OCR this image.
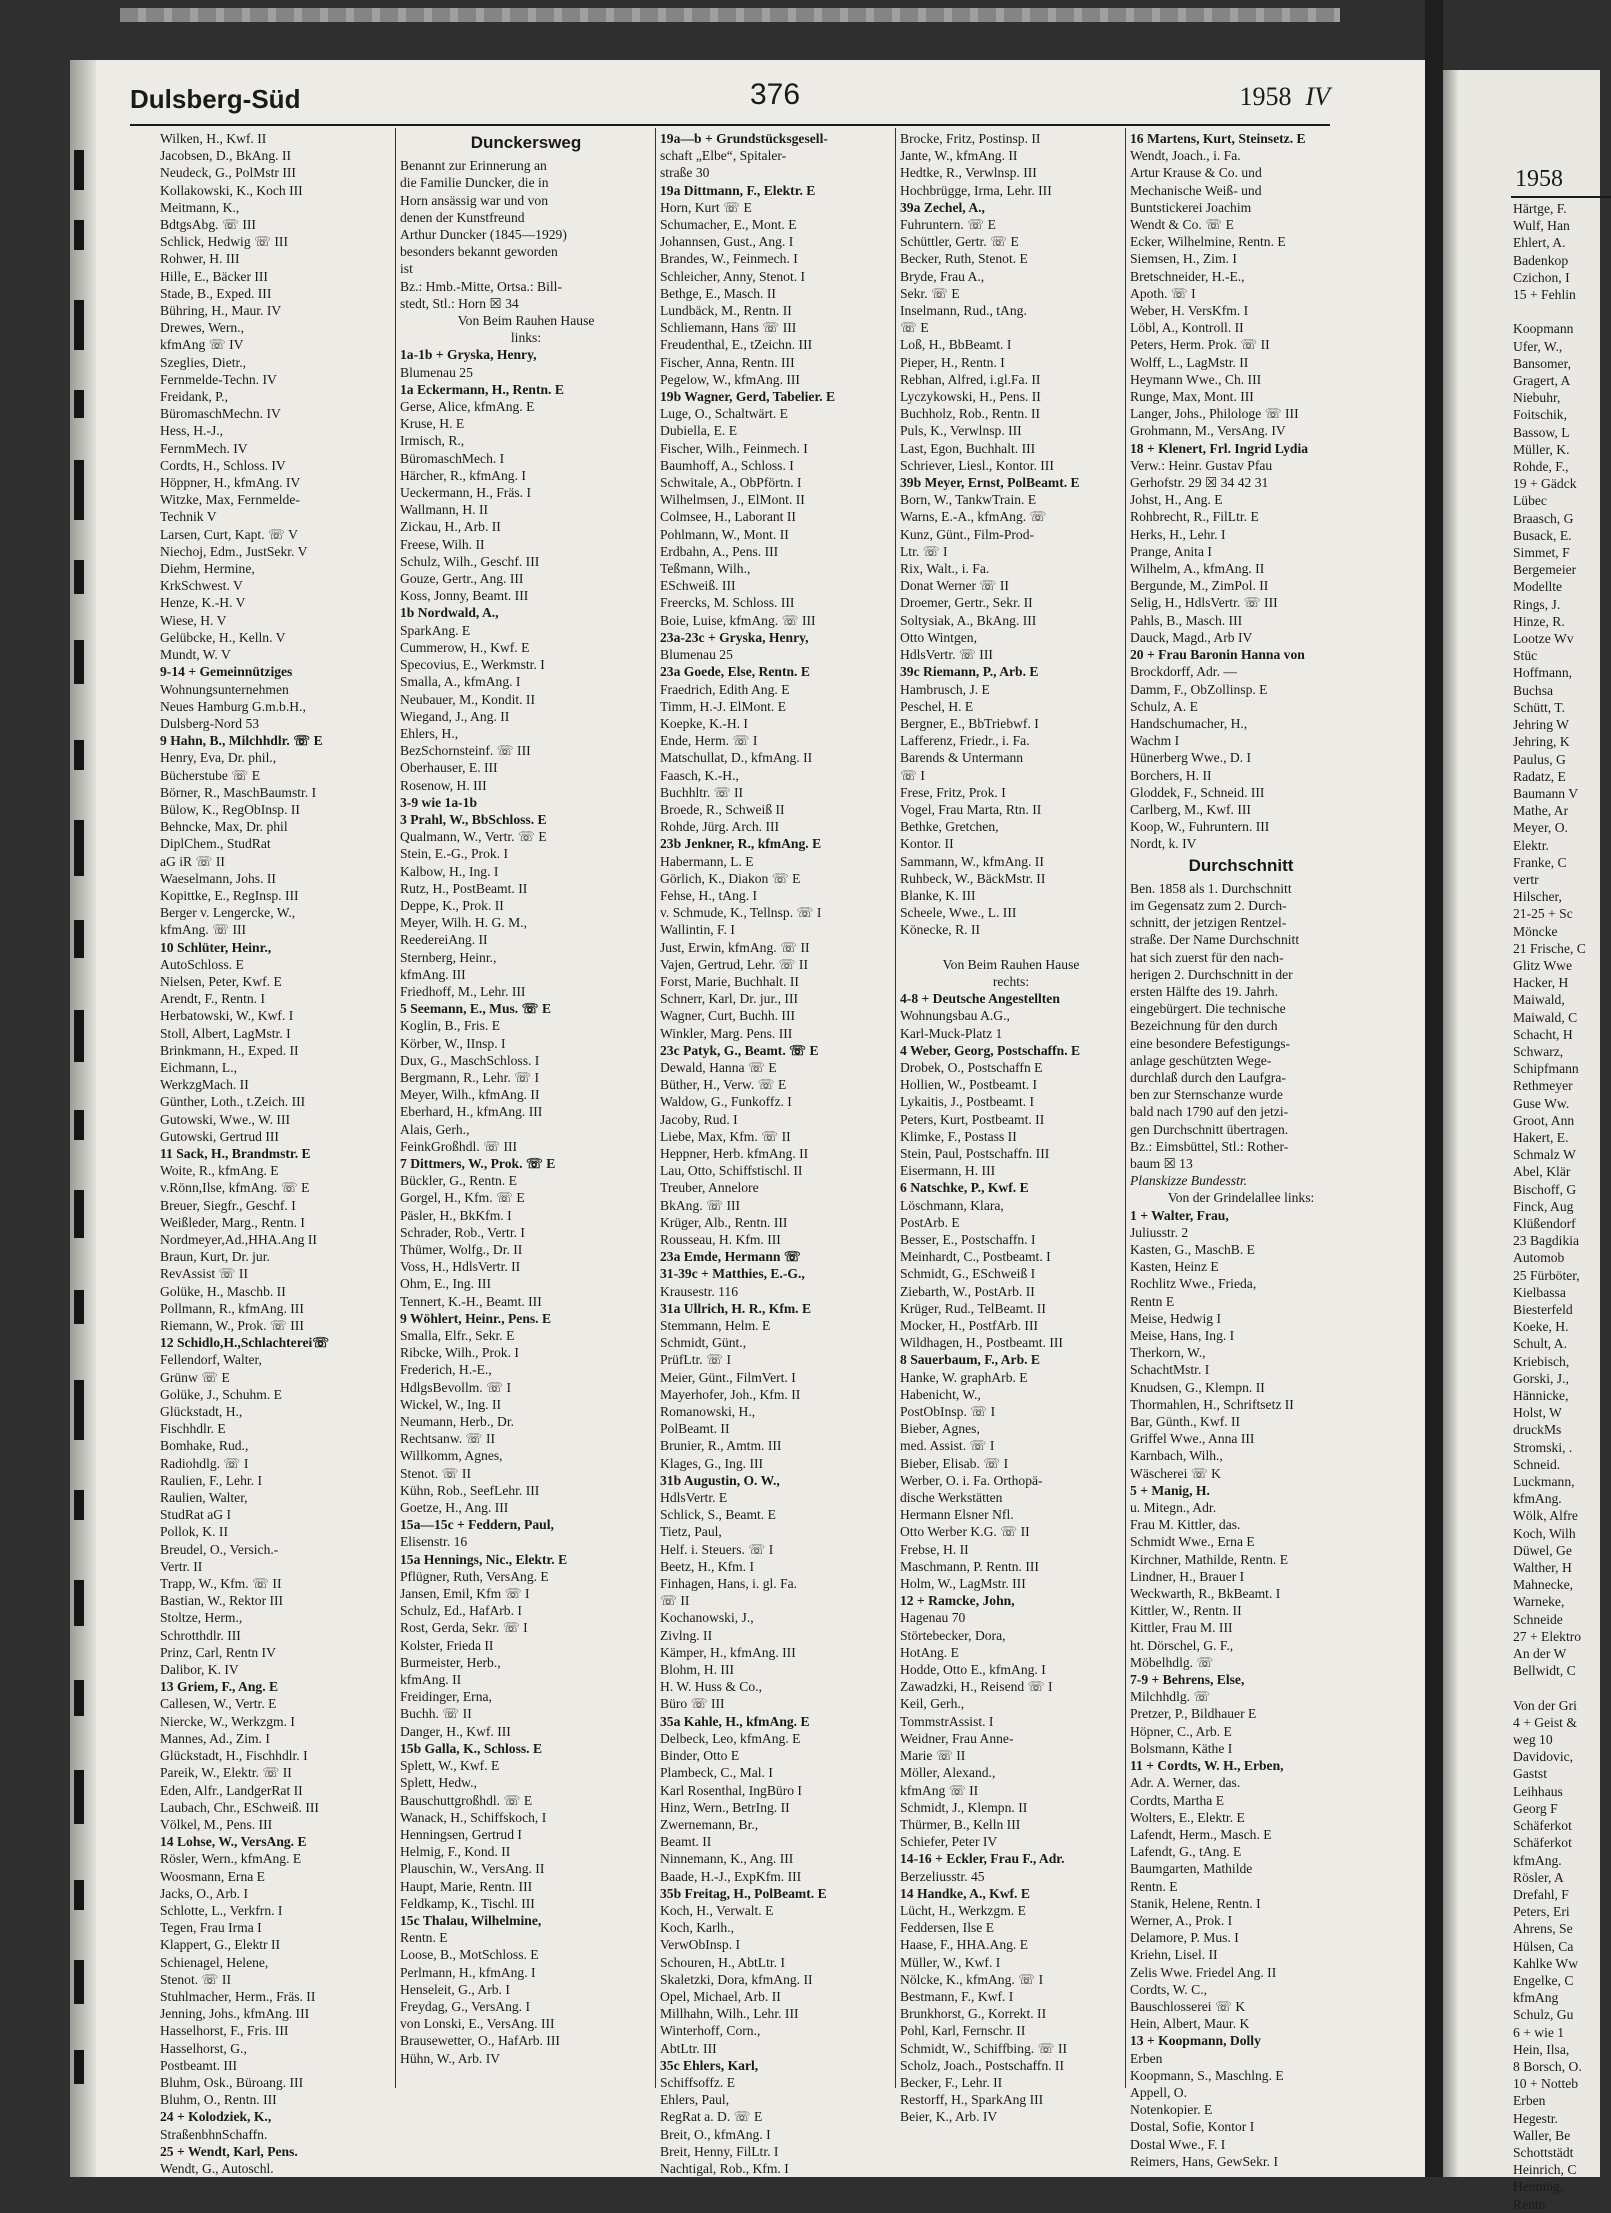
Dulsberg-Süd	376	1958 IV
Wilken, H., Kwf. II
Jacobsen, D., BkAng. II
Neudeck, G., PolMstr III
Kollakowski, K., Koch III
Meitmann, K.,
BdtgsAbg. ☏ III
Schlick, Hedwig ☏ III
Rohwer, H. III
Hille, E., Bäcker III
Stade, B., Exped. III
Bühring, H., Maur. IV
Drewes, Wern.,
kfmAng ☏ IV
Szeglies, Dietr.,
Fernmelde-Techn. IV
Freidank, P.,
BüromaschMechn. IV
Hess, H.-J.,
FernmMech. IV
Cordts, H., Schloss. IV
Höppner, H., kfmAng. IV
Witzke, Max, Fernmelde-
Technik V
Larsen, Curt, Kapt. ☏ V
Niechoj, Edm., JustSekr. V
Diehm, Hermine,
KrkSchwest. V
Henze, K.-H. V
Wiese, H. V
Gelübcke, H., Kelln. V
Mundt, W. V
9-14 + Gemeinnütziges
Wohnungsunternehmen
Neues Hamburg G.m.b.H.,
Dulsberg-Nord 53
9 Hahn, B., Milchhdlr. ☏ E
Henry, Eva, Dr. phil.,
Bücherstube ☏ E
Börner, R., MaschBaumstr. I
Bülow, K., RegObInsp. II
Behncke, Max, Dr. phil
DiplChem., StudRat
aG iR ☏ II
Waeselmann, Johs. II
Kopittke, E., RegInsp. III
Berger v. Lengercke, W.,
kfmAng. ☏ III
10 Schlüter, Heinr.,
AutoSchloss. E
Nielsen, Peter, Kwf. E
Arendt, F., Rentn. I
Herbatowski, W., Kwf. I
Stoll, Albert, LagMstr. I
Brinkmann, H., Exped. II
Eichmann, L.,
WerkzgMach. II
Günther, Loth., t.Zeich. III
Gutowski, Wwe., W. III
Gutowski, Gertrud III
11 Sack, H., Brandmstr. E
Woite, R., kfmAng. E
v.Rönn,Ilse, kfmAng. ☏ E
Breuer, Siegfr., Geschf. I
Weißleder, Marg., Rentn. I
Nordmeyer,Ad.,HHA.Ang II
Braun, Kurt, Dr. jur.
RevAssist ☏ II
Golüke, H., Maschb. II
Pollmann, R., kfmAng. III
Riemann, W., Prok. ☏ III
12 Schidlo,H.,Schlachterei☏
Fellendorf, Walter,
Grünw ☏ E
Golüke, J., Schuhm. E
Glückstadt, H.,
Fischhdlr. E
Bomhake, Rud.,
Radiohdlg. ☏ I
Raulien, F., Lehr. I
Raulien, Walter,
StudRat aG I
Pollok, K. II
Breudel, O., Versich.-
Vertr. II
Trapp, W., Kfm. ☏ II
Bastian, W., Rektor III
Stoltze, Herm.,
Schrotthdlr. III
Prinz, Carl, Rentn IV
Dalibor, K. IV
13 Griem, F., Ang. E
Callesen, W., Vertr. E
Niercke, W., Werkzgm. I
Mannes, Ad., Zim. I
Glückstadt, H., Fischhdlr. I
Pareik, W., Elektr. ☏ II
Eden, Alfr., LandgerRat II
Laubach, Chr., ESchweiß. III
Völkel, M., Pens. III
14 Lohse, W., VersAng. E
Rösler, Wern., kfmAng. E
Woosmann, Erna E
Jacks, O., Arb. I
Schlotte, L., Verkfrn. I
Tegen, Frau Irma I
Klappert, G., Elektr II
Schienagel, Helene,
Stenot. ☏ II
Stuhlmacher, Herm., Fräs. II
Jenning, Johs., kfmAng. III
Hasselhorst, F., Fris. III
Hasselhorst, G.,
Postbeamt. III
Bluhm, Osk., Büroang. III
Bluhm, O., Rentn. III
24 + Kolodziek, K.,
StraßenbhnSchaffn.
25 + Wendt, Karl, Pens.
Wendt, G., Autoschl.
Dunckersweg
Benannt zur Erinnerung an
die Familie Duncker, die in
Horn ansässig war und von
denen der Kunstfreund
Arthur Duncker (1845—1929)
besonders bekannt geworden
ist
Bz.: Hmb.-Mitte, Ortsa.: Bill-
stedt, Stl.: Horn ☒ 34
Von Beim Rauhen Hause
links:
1a-1b + Gryska, Henry,
Blumenau 25
1a Eckermann, H., Rentn. E
Gerse, Alice, kfmAng. E
Kruse, H. E
Irmisch, R.,
BüromaschMech. I
Härcher, R., kfmAng. I
Ueckermann, H., Fräs. I
Wallmann, H. II
Zickau, H., Arb. II
Freese, Wilh. II
Schulz, Wilh., Geschf. III
Gouze, Gertr., Ang. III
Koss, Jonny, Beamt. III
1b Nordwald, A.,
SparkAng. E
Cummerow, H., Kwf. E
Specovius, E., Werkmstr. I
Smalla, A., kfmAng. I
Neubauer, M., Kondit. II
Wiegand, J., Ang. II
Ehlers, H.,
BezSchornsteinf. ☏ III
Oberhauser, E. III
Rosenow, H. III
3-9 wie 1a-1b
3 Prahl, W., BbSchloss. E
Qualmann, W., Vertr. ☏ E
Stein, E.-G., Prok. I
Kalbow, H., Ing. I
Rutz, H., PostBeamt. II
Deppe, K., Prok. II
Meyer, Wilh. H. G. M.,
ReedereiAng. II
Sternberg, Heinr.,
kfmAng. III
Friedhoff, M., Lehr. III
5 Seemann, E., Mus. ☏ E
Koglin, B., Fris. E
Körber, W., IInsp. I
Dux, G., MaschSchloss. I
Bergmann, R., Lehr. ☏ I
Meyer, Wilh., kfmAng. II
Eberhard, H., kfmAng. III
Alais, Gerh.,
FeinkGroßhdl. ☏ III
7 Dittmers, W., Prok. ☏ E
Bückler, G., Rentn. E
Gorgel, H., Kfm. ☏ E
Päsler, H., BkKfm. I
Schrader, Rob., Vertr. I
Thümer, Wolfg., Dr. II
Voss, H., HdlsVertr. II
Ohm, E., Ing. III
Tennert, K.-H., Beamt. III
9 Wöhlert, Heinr., Pens. E
Smalla, Elfr., Sekr. E
Ribcke, Wilh., Prok. I
Frederich, H.-E.,
HdlgsBevollm. ☏ I
Wickel, W., Ing. II
Neumann, Herb., Dr.
Rechtsanw. ☏ II
Willkomm, Agnes,
Stenot. ☏ II
Kühn, Rob., SeefLehr. III
Goetze, H., Ang. III
15a—15c + Feddern, Paul,
Elisenstr. 16
15a Hennings, Nic., Elektr. E
Pflügner, Ruth, VersAng. E
Jansen, Emil, Kfm ☏ I
Schulz, Ed., HafArb. I
Rost, Gerda, Sekr. ☏ I
Kolster, Frieda II
Burmeister, Herb.,
kfmAng. II
Freidinger, Erna,
Buchh. ☏ II
Danger, H., Kwf. III
15b Galla, K., Schloss. E
Splett, W., Kwf. E
Splett, Hedw.,
Bauschuttgroßhdl. ☏ E
Wanack, H., Schiffskoch, I
Henningsen, Gertrud I
Helmig, F., Kond. II
Plauschin, W., VersAng. II
Haupt, Marie, Rentn. III
Feldkamp, K., Tischl. III
15c Thalau, Wilhelmine,
Rentn. E
Loose, B., MotSchloss. E
Perlmann, H., kfmAng. I
Henseleit, G., Arb. I
Freydag, G., VersAng. I
von Lonski, E., VersAng. III
Brausewetter, O., HafArb. III
Hühn, W., Arb. IV
19a—b + Grundstücksgesell-
schaft „Elbe“, Spitaler-
straße 30
19a Dittmann, F., Elektr. E
Horn, Kurt ☏ E
Schumacher, E., Mont. E
Johannsen, Gust., Ang. I
Brandes, W., Feinmech. I
Schleicher, Anny, Stenot. I
Bethge, E., Masch. II
Lundbäck, M., Rentn. II
Schliemann, Hans ☏ III
Freudenthal, E., tZeichn. III
Fischer, Anna, Rentn. III
Pegelow, W., kfmAng. III
19b Wagner, Gerd, Tabelier. E
Luge, O., Schaltwärt. E
Dubiella, E. E
Fischer, Wilh., Feinmech. I
Baumhoff, A., Schloss. I
Schwitale, A., ObPförtn. I
Wilhelmsen, J., ElMont. II
Colmsee, H., Laborant II
Pohlmann, W., Mont. II
Erdbahn, A., Pens. III
Teßmann, Wilh.,
ESchweiß. III
Freercks, M. Schloss. III
Boie, Luise, kfmAng. ☏ III
23a-23c + Gryska, Henry,
Blumenau 25
23a Goede, Else, Rentn. E
Fraedrich, Edith Ang. E
Timm, H.-J. ElMont. E
Koepke, K.-H. I
Ende, Herm. ☏ I
Matschullat, D., kfmAng. II
Faasch, K.-H.,
Buchhltr. ☏ II
Broede, R., Schweiß II
Rohde, Jürg. Arch. III
23b Jenkner, R., kfmAng. E
Habermann, L. E
Görlich, K., Diakon ☏ E
Fehse, H., tAng. I
v. Schmude, K., Tellnsp. ☏ I
Wallintin, F. I
Just, Erwin, kfmAng. ☏ II
Vajen, Gertrud, Lehr. ☏ II
Forst, Marie, Buchhalt. II
Schnerr, Karl, Dr. jur., III
Wagner, Curt, Buchh. III
Winkler, Marg. Pens. III
23c Patyk, G., Beamt. ☏ E
Dewald, Hanna ☏ E
Büther, H., Verw. ☏ E
Waldow, G., Funkoffz. I
Jacoby, Rud. I
Liebe, Max, Kfm. ☏ II
Heppner, Herb. kfmAng. II
Lau, Otto, Schiffstischl. II
Treuber, Annelore
BkAng. ☏ III
Krüger, Alb., Rentn. III
Rousseau, H. Kfm. III
23a Emde, Hermann ☏
31-39c + Matthies, E.-G.,
Krausestr. 116
31a Ullrich, H. R., Kfm. E
Stemmann, Helm. E
Schmidt, Günt.,
PrüfLtr. ☏ I
Meier, Günt., FilmVert. I
Mayerhofer, Joh., Kfm. II
Romanowski, H.,
PolBeamt. II
Brunier, R., Amtm. III
Klages, G., Ing. III
31b Augustin, O. W.,
HdlsVertr. E
Schlick, S., Beamt. E
Tietz, Paul,
Helf. i. Steuers. ☏ I
Beetz, H., Kfm. I
Finhagen, Hans, i. gl. Fa.
☏ II
Kochanowski, J.,
Zivlng. II
Kämper, H., kfmAng. III
Blohm, H. III
H. W. Huss & Co.,
Büro ☏ III
35a Kahle, H., kfmAng. E
Delbeck, Leo, kfmAng. E
Binder, Otto E
Plambeck, C., Mal. I
Karl Rosenthal, IngBüro I
Hinz, Wern., BetrIng. II
Zwernemann, Br.,
Beamt. II
Ninnemann, K., Ang. III
Baade, H.-J., ExpKfm. III
35b Freitag, H., PolBeamt. E
Koch, H., Verwalt. E
Koch, Karlh.,
VerwObInsp. I
Schouren, H., AbtLtr. I
Skaletzki, Dora, kfmAng. II
Opel, Michael, Arb. II
Millhahn, Wilh., Lehr. III
Winterhoff, Corn.,
AbtLtr. III
35c Ehlers, Karl,
Schiffsoffz. E
Ehlers, Paul,
RegRat a. D. ☏ E
Breit, O., kfmAng. I
Breit, Henny, FilLtr. I
Nachtigal, Rob., Kfm. I
Brocke, Fritz, Postinsp. II
Jante, W., kfmAng. II
Hedtke, R., Verwlnsp. III
Hochbrügge, Irma, Lehr. III
39a Zechel, A.,
Fuhruntern. ☏ E
Schüttler, Gertr. ☏ E
Becker, Ruth, Stenot. E
Bryde, Frau A.,
Sekr. ☏ E
Inselmann, Rud., tAng.
☏ E
Loß, H., BbBeamt. I
Pieper, H., Rentn. I
Rebhan, Alfred, i.gl.Fa. II
Lyczykowski, H., Pens. II
Buchholz, Rob., Rentn. II
Puls, K., Verwlnsp. III
Last, Egon, Buchhalt. III
Schriever, Liesl., Kontor. III
39b Meyer, Ernst, PolBeamt. E
Born, W., TankwTrain. E
Warns, E.-A., kfmAng. ☏
Kunz, Günt., Film-Prod-
Ltr. ☏ I
Rix, Walt., i. Fa.
Donat Werner ☏ II
Droemer, Gertr., Sekr. II
Soltysiak, A., BkAng. III
Otto Wintgen,
HdlsVertr. ☏ III
39c Riemann, P., Arb. E
Hambrusch, J. E
Peschel, H. E
Bergner, E., BbTriebwf. I
Lafferenz, Friedr., i. Fa.
Barends & Untermann
☏ I
Frese, Fritz, Prok. I
Vogel, Frau Marta, Rtn. II
Bethke, Gretchen,
Kontor. II
Sammann, W., kfmAng. II
Ruhbeck, W., BäckMstr. II
Blanke, K. III
Scheele, Wwe., L. III
Könecke, R. II

Von Beim Rauhen Hause
rechts:
4-8 + Deutsche Angestellten
Wohnungsbau A.G.,
Karl-Muck-Platz 1
4 Weber, Georg, Postschaffn. E
Drobek, O., Postschaffn E
Hollien, W., Postbeamt. I
Lykaitis, J., Postbeamt. I
Peters, Kurt, Postbeamt. II
Klimke, F., Postass II
Stein, Paul, Postschaffn. III
Eisermann, H. III
6 Natschke, P., Kwf. E
Löschmann, Klara,
PostArb. E
Besser, E., Postschaffn. I
Meinhardt, C., Postbeamt. I
Schmidt, G., ESchweiß I
Ziebarth, W., PostArb. II
Krüger, Rud., TelBeamt. II
Mocker, H., PostfArb. III
Wildhagen, H., Postbeamt. III
8 Sauerbaum, F., Arb. E
Hanke, W. graphArb. E
Habenicht, W.,
PostObInsp. ☏ I
Bieber, Agnes,
med. Assist. ☏ I
Bieber, Elisab. ☏ I
Werber, O. i. Fa. Orthopä-
dische Werkstätten
Hermann Elsner Nfl.
Otto Werber K.G. ☏ II
Frebse, H. II
Maschmann, P. Rentn. III
Holm, W., LagMstr. III
12 + Ramcke, John,
Hagenau 70
Störtebecker, Dora,
HotAng. E
Hodde, Otto E., kfmAng. I
Zawadzki, H., Reisend ☏ I
Keil, Gerh.,
TommstrAssist. I
Weidner, Frau Anne-
Marie ☏ II
Möller, Alexand.,
kfmAng ☏ II
Schmidt, J., Klempn. II
Thürmer, B., Kelln III
Schiefer, Peter IV
14-16 + Eckler, Frau F., Adr.
Berzeliusstr. 45
14 Handke, A., Kwf. E
Lücht, H., Werkzgm. E
Feddersen, Ilse E
Haase, F., HHA.Ang. E
Müller, W., Kwf. I
Nölcke, K., kfmAng. ☏ I
Bestmann, F., Kwf. I
Brunkhorst, G., Korrekt. II
Pohl, Karl, Fernschr. II
Schmidt, W., Schiffbing. ☏ II
Scholz, Joach., Postschaffn. II
Becker, F., Lehr. II
Restorff, H., SparkAng III
Beier, K., Arb. IV
16 Martens, Kurt, Steinsetz. E
Wendt, Joach., i. Fa.
Artur Krause & Co. und
Mechanische Weiß- und
Buntstickerei Joachim
Wendt & Co. ☏ E
Ecker, Wilhelmine, Rentn. E
Siemsen, H., Zim. I
Bretschneider, H.-E.,
Apoth. ☏ I
Weber, H. VersKfm. I
Löbl, A., Kontroll. II
Peters, Herm. Prok. ☏ II
Wolff, L., LagMstr. II
Heymann Wwe., Ch. III
Runge, Max, Mont. III
Langer, Johs., Philologe ☏ III
Grohmann, M., VersAng. IV
18 + Klenert, Frl. Ingrid Lydia
Verw.: Heinr. Gustav Pfau
Gerhofstr. 29 ☒ 34 42 31
Johst, H., Ang. E
Rohbrecht, R., FilLtr. E
Herks, H., Lehr. I
Prange, Anita I
Wilhelm, A., kfmAng. II
Bergunde, M., ZimPol. II
Selig, H., HdlsVertr. ☏ III
Pahls, B., Masch. III
Dauck, Magd., Arb IV
20 + Frau Baronin Hanna von
Brockdorff, Adr. —
Damm, F., ObZollinsp. E
Schulz, A. E
Handschumacher, H.,
Wachm I
Hünerberg Wwe., D. I
Borchers, H. II
Gloddek, F., Schneid. III
Carlberg, M., Kwf. III
Koop, W., Fuhruntern. III
Nordt, k. IV
Durchschnitt
Ben. 1858 als 1. Durchschnitt
im Gegensatz zum 2. Durch-
schnitt, der jetzigen Rentzel-
straße. Der Name Durchschnitt
hat sich zuerst für den nach-
herigen 2. Durchschnitt in der
ersten Hälfte des 19. Jahrh.
eingebürgert. Die technische
Bezeichnung für den durch
eine besondere Befestigungs-
anlage geschützten Wege-
durchlaß durch den Laufgra-
ben zur Sternschanze wurde
bald nach 1790 auf den jetzi-
gen Durchschnitt übertragen.
Bz.: Eimsbüttel, Stl.: Rother-
baum ☒ 13
Planskizze Bundesstr.
Von der Grindelallee links:
1 + Walter, Frau,
Juliusstr. 2
Kasten, G., MaschB. E
Kasten, Heinz E
Rochlitz Wwe., Frieda,
Rentn E
Meise, Hedwig I
Meise, Hans, Ing. I
Therkorn, W.,
SchachtMstr. I
Knudsen, G., Klempn. II
Thormahlen, H., Schriftsetz II
Bar, Günth., Kwf. II
Griffel Wwe., Anna III
Karnbach, Wilh.,
Wäscherei ☏ K
5 + Manig, H.
u. Mitegn., Adr.
Frau M. Kittler, das.
Schmidt Wwe., Erna E
Kirchner, Mathilde, Rentn. E
Lindner, H., Brauer I
Weckwarth, R., BkBeamt. I
Kittler, W., Rentn. II
Kittler, Frau M. III
ht. Dörschel, G. F.,
Möbelhdlg. ☏
7-9 + Behrens, Else,
Milchhdlg. ☏
Pretzer, P., Bildhauer E
Höpner, C., Arb. E
Bolsmann, Käthe I
11 + Cordts, W. H., Erben,
Adr. A. Werner, das.
Cordts, Martha E
Wolters, E., Elektr. E
Lafendt, Herm., Masch. E
Lafendt, G., tAng. E
Baumgarten, Mathilde
Rentn. E
Stanik, Helene, Rentn. I
Werner, A., Prok. I
Delamore, P. Mus. I
Kriehn, Lisel. II
Zelis Wwe. Friedel Ang. II
Cordts, W. C.,
Bauschlosserei ☏ K
Hein, Albert, Maur. K
13 + Koopmann, Dolly
Erben
Koopmann, S., Maschlng. E
Appell, O.
Notenkopier. E
Dostal, Sofie, Kontor I
Dostal Wwe., F. I
Reimers, Hans, GewSekr. I
1958
Härtge, F.
Wulf, Han
Ehlert, A.
Badenkop
Czichon, I
15 + Fehlin

Koopmann
Ufer, W.,
Bansomer,
Gragert, A
Niebuhr,
Foitschik,
Bassow, L
Müller, K.
Rohde, F.,
19 + Gädck
Lübec
Braasch, G
Busack, E.
Simmet, F
Bergemeier
Modellte
Rings, J.
Hinze, R.
Lootze Wv
Stüc
Hoffmann,
Buchsa
Schütt, T.
Jehring W
Jehring, K
Paulus, G
Radatz, E
Baumann V
Mathe, Ar
Meyer, O.
Elektr.
Franke, C
vertr
Hilscher,
21-25 + Sc
Möncke
21 Frische, C
Glitz Wwe
Hacker, H
Maiwald,
Maiwald, C
Schacht, H
Schwarz,
Schipfmann
Rethmeyer
Guse Ww.
Groot, Ann
Hakert, E.
Schmalz W
Abel, Klär
Bischoff, G
Finck, Aug
Klüßendorf
23 Bagdikia
Automob
25 Fürböter,
Kielbassa
Biesterfeld
Koeke, H.
Schult, A.
Kriebisch,
Gorski, J.,
Hännicke,
Holst, W
druckMs
Stromski, .
Schneid.
Luckmann,
kfmAng.
Wölk, Alfre
Koch, Wilh
Düwel, Ge
Walther, H
Mahnecke,
Warneke,
Schneide
27 + Elektro
An der W
Bellwidt, C

Von der Gri
4 + Geist &
weg 10
Davidovic,
Gastst
Leihhaus
Georg F
Schäferkot
Schäferkot
kfmAng.
Rösler, A
Drefahl, F
Peters, Eri
Ahrens, Se
Hülsen, Ca
Kahlke Ww
Engelke, C
kfmAng
Schulz, Gu
6 + wie 1
Hein, Ilsa,
8 Borsch, O.
10 + Notteb
Erben
Hegestr.
Waller, Be
Schottstädt
Heinrich, C
Henning,
Rentn
